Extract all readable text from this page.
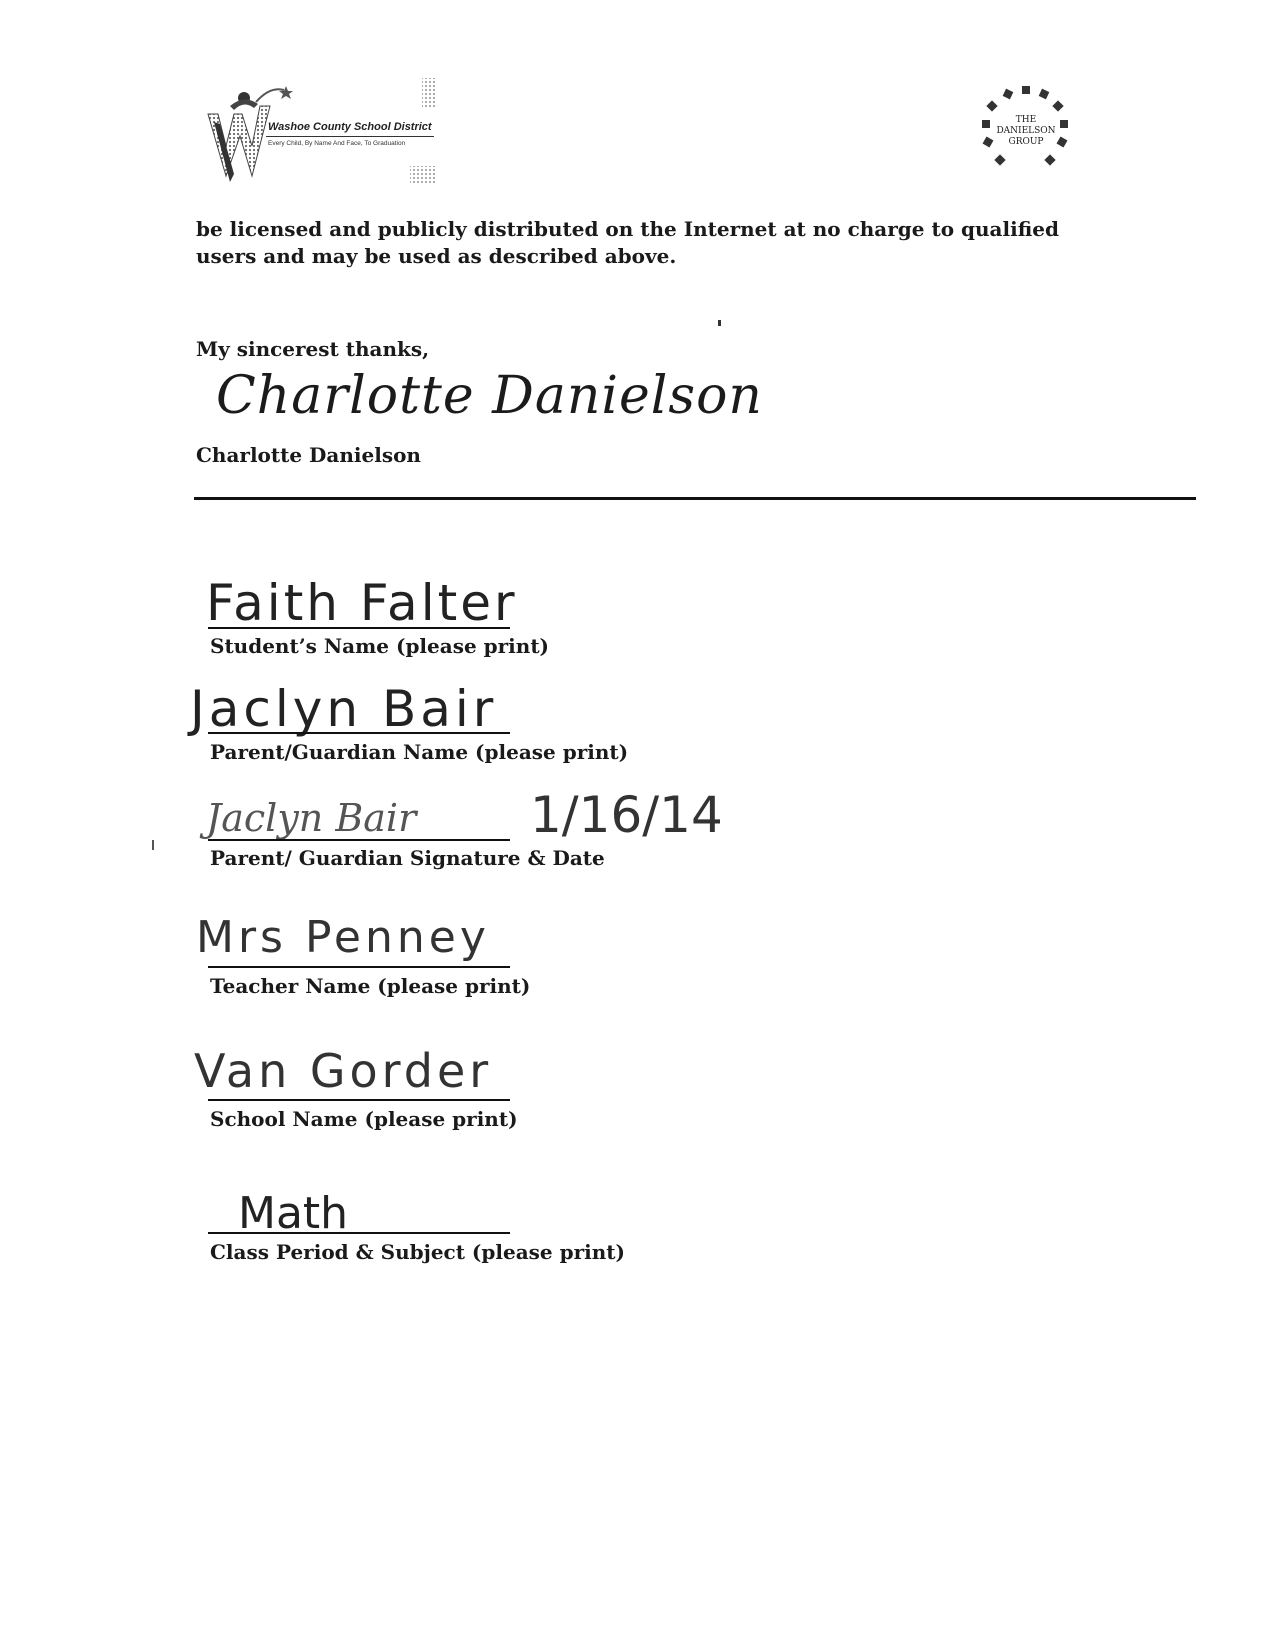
Washoe County School District
Every Child, By Name And Face, To Graduation
THE
DANIELSON
GROUP
be licensed and publicly distributed on the Internet at no charge to qualified users and may be used as described above.
My sincerest thanks,
Charlotte Danielson
Charlotte Danielson
Faith Falter
Student’s Name (please print)
Jaclyn Bair
Parent/Guardian Name (please print)
Jaclyn Bair 1/16/14
Parent/ Guardian Signature & Date
Mrs Penney
Teacher Name (please print)
Van Gorder
School Name (please print)
Math
Class Period & Subject (please print)
